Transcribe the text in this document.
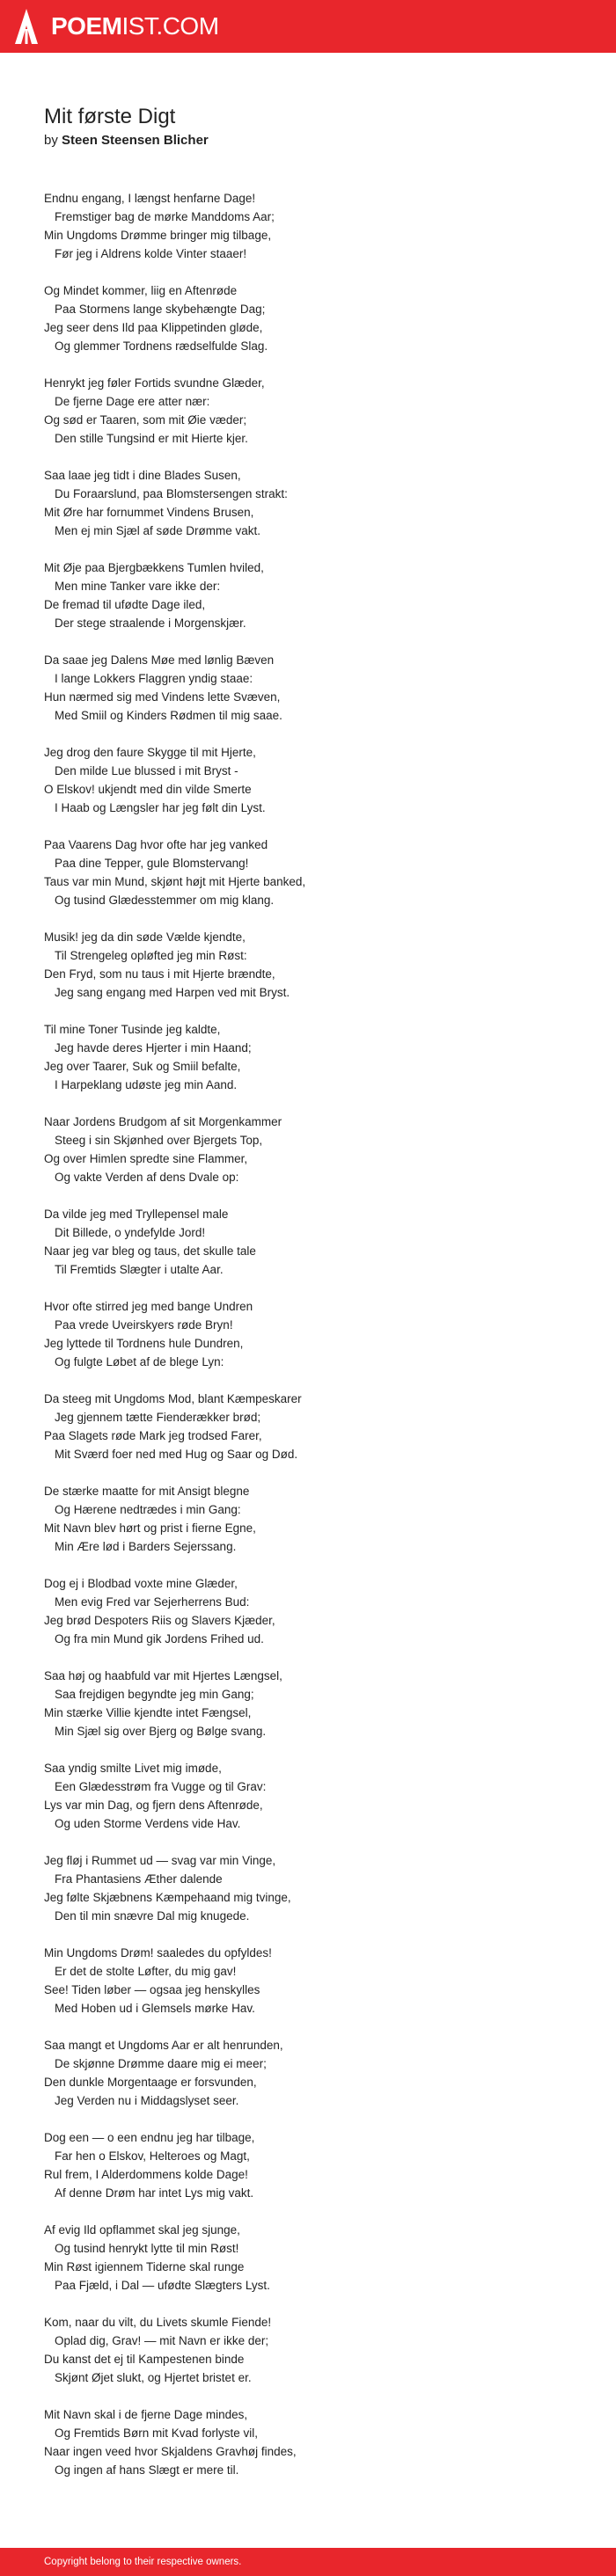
POEMIST.COM
Mit første Digt
by Steen Steensen Blicher
Endnu engang, I længst henfarne Dage!
Fremstiger bag de mørke Manddoms Aar;
Min Ungdoms Drømme bringer mig tilbage,
Før jeg i Aldrens kolde Vinter staaer!
Og Mindet kommer, liig en Aftenrøde
Paa Stormens lange skybehængte Dag;
Jeg seer dens Ild paa Klippetinden gløde,
Og glemmer Tordnens rædselfulde Slag.
Henrykt jeg føler Fortids svundne Glæder,
De fjerne Dage ere atter nær:
Og sød er Taaren, som mit Øie væder;
Den stille Tungsind er mit Hierte kjer.
Saa laae jeg tidt i dine Blades Susen,
Du Foraarslund, paa Blomstersengen strakt:
Mit Øre har fornummet Vindens Brusen,
Men ej min Sjæl af søde Drømme vakt.
Mit Øje paa Bjergbækkens Tumlen hviled,
Men mine Tanker vare ikke der:
De fremad til ufødte Dage iled,
Der stege straalende i Morgenskjær.
Da saae jeg Dalens Møe med lønlig Bæven
I lange Lokkers Flaggren yndig staae:
Hun nærmed sig med Vindens lette Svæven,
Med Smiil og Kinders Rødmen til mig saae.
Jeg drog den faure Skygge til mit Hjerte,
Den milde Lue blussed i mit Bryst -
O Elskov! ukjendt med din vilde Smerte
I Haab og Længsler har jeg følt din Lyst.
Paa Vaarens Dag hvor ofte har jeg vanked
Paa dine Tepper, gule Blomstervang!
Taus var min Mund, skjønt højt mit Hjerte banked,
Og tusind Glædesstemmer om mig klang.
Musik! jeg da din søde Vælde kjendte,
Til Strengeleg opløfted jeg min Røst:
Den Fryd, som nu taus i mit Hjerte brændte,
Jeg sang engang med Harpen ved mit Bryst.
Til mine Toner Tusinde jeg kaldte,
Jeg havde deres Hjerter i min Haand;
Jeg over Taarer, Suk og Smiil befalte,
I Harpeklang udøste jeg min Aand.
Naar Jordens Brudgom af sit Morgenkammer
Steeg i sin Skjønhed over Bjergets Top,
Og over Himlen spredte sine Flammer,
Og vakte Verden af dens Dvale op:
Da vilde jeg med Tryllepensel male
Dit Billede, o yndefylde Jord!
Naar jeg var bleg og taus, det skulle tale
Til Fremtids Slægter i utalte Aar.
Hvor ofte stirred jeg med bange Undren
Paa vrede Uveirskyers røde Bryn!
Jeg lyttede til Tordnens hule Dundren,
Og fulgte Løbet af de blege Lyn:
Da steeg mit Ungdoms Mod, blant Kæmpeskarer
Jeg gjennem tætte Fienderækker brød;
Paa Slagets røde Mark jeg trodsed Farer,
Mit Sværd foer ned med Hug og Saar og Død.
De stærke maatte for mit Ansigt blegne
Og Hærene nedtrædes i min Gang:
Mit Navn blev hørt og prist i fierne Egne,
Min Ære lød i Barders Sejerssang.
Dog ej i Blodbad voxte mine Glæder,
Men evig Fred var Sejerherrens Bud:
Jeg brød Despoters Riis og Slavers Kjæder,
Og fra min Mund gik Jordens Frihed ud.
Saa høj og haabfuld var mit Hjertes Længsel,
Saa frejdigen begyndte jeg min Gang;
Min stærke Villie kjendte intet Fængsel,
Min Sjæl sig over Bjerg og Bølge svang.
Saa yndig smilte Livet mig imøde,
Een Glædesstrøm fra Vugge og til Grav:
Lys var min Dag, og fjern dens Aftenrøde,
Og uden Storme Verdens vide Hav.
Jeg fløj i Rummet ud — svag var min Vinge,
Fra Phantasiens Æther dalende
Jeg følte Skjæbnens Kæmpehaand mig tvinge,
Den til min snævre Dal mig knugede.
Min Ungdoms Drøm! saaledes du opfyldes!
Er det de stolte Løfter, du mig gav!
See! Tiden løber — ogsaa jeg henskylles
Med Hoben ud i Glemsels mørke Hav.
Saa mangt et Ungdoms Aar er alt henrunden,
De skjønne Drømme daare mig ei meer;
Den dunkle Morgentaage er forsvunden,
Jeg Verden nu i Middagslyset seer.
Dog een — o een endnu jeg har tilbage,
Far hen o Elskov, Helteroes og Magt,
Rul frem, I Alderdommens kolde Dage!
Af denne Drøm har intet Lys mig vakt.
Af evig Ild opflammet skal jeg sjunge,
Og tusind henrykt lytte til min Røst!
Min Røst igiennem Tiderne skal runge
Paa Fjæld, i Dal — ufødte Slægters Lyst.
Kom, naar du vilt, du Livets skumle Fiende!
Oplad dig, Grav! — mit Navn er ikke der;
Du kanst det ej til Kampestenen binde
Skjønt Øjet slukt, og Hjertet bristet er.
Mit Navn skal i de fjerne Dage mindes,
Og Fremtids Børn mit Kvad forlyste vil,
Naar ingen veed hvor Skjaldens Gravhøj findes,
Og ingen af hans Slægt er mere til.
Copyright belong to their respective owners.
